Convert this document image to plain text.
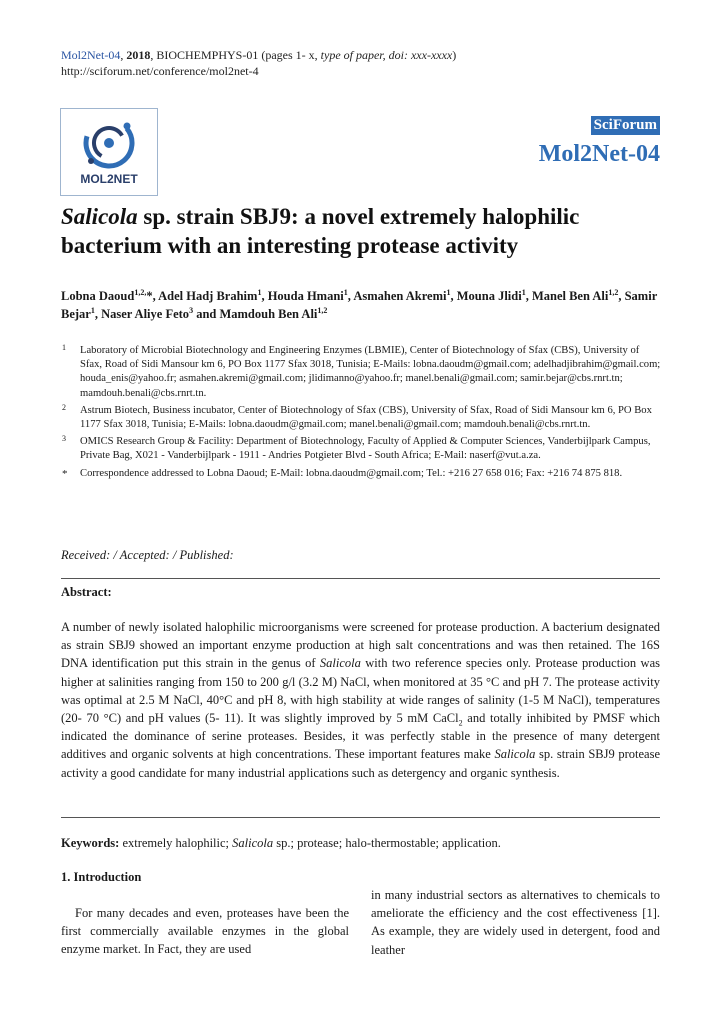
Mol2Net-04, 2018, BIOCHEMPHYS-01 (pages 1- x, type of paper, doi: xxx-xxxx)
http://sciforum.net/conference/mol2net-4
MOL2NET
SciForum
Mol2Net-04
Salicola sp. strain SBJ9: a novel extremely halophilic bacterium with an interesting protease activity
Lobna Daoud$^{1,2,}$*, Adel Hadj Brahim$^1$, Houda Hmani$^1$, Asmahen Akremi$^1$, Mouna Jlidi$^1$, Manel Ben Ali$^{1,2}$, Samir Bejar$^1$, Naser Aliye Feto$^3$ and Mamdouh Ben Ali$^{1,2}$
1 Laboratory of Microbial Biotechnology and Engineering Enzymes (LBMIE), Center of Biotechnology of Sfax (CBS), University of Sfax, Road of Sidi Mansour km 6, PO Box 1177 Sfax 3018, Tunisia; E-Mails: lobna.daoudm@gmail.com; adelhadjibrahim@gmail.com; houda_enis@yahoo.fr; asmahen.akremi@gmail.com; jlidimanno@yahoo.fr; manel.benali@gmail.com; samir.bejar@cbs.rnrt.tn; mamdouh.benali@cbs.rnrt.tn.
2 Astrum Biotech, Business incubator, Center of Biotechnology of Sfax (CBS), University of Sfax, Road of Sidi Mansour km 6, PO Box 1177 Sfax 3018, Tunisia; E-Mails: lobna.daoudm@gmail.com; manel.benali@gmail.com; mamdouh.benali@cbs.rnrt.tn.
3 OMICS Research Group & Facility: Department of Biotechnology, Faculty of Applied & Computer Sciences, Vanderbijlpark Campus, Private Bag, X021 - Vanderbijlpark - 1911 - Andries Potgieter Blvd - South Africa; E-Mail: naserf@vut.a.za.
* Correspondence addressed to Lobna Daoud; E-Mail: lobna.daoudm@gmail.com; Tel.: +216 27 658 016; Fax: +216 74 875 818.
Received: / Accepted: / Published:
Abstract:
A number of newly isolated halophilic microorganisms were screened for protease production. A bacterium designated as strain SBJ9 showed an important enzyme production at high salt concentrations and was then retained. The 16S DNA identification put this strain in the genus of Salicola with two reference species only. Protease production was higher at salinities ranging from 150 to 200 g/l (3.2 M) NaCl, when monitored at 35 °C and pH 7. The protease activity was optimal at 2.5 M NaCl, 40°C and pH 8, with high stability at wide ranges of salinity (1-5 M NaCl), temperatures (20- 70 °C) and pH values (5- 11). It was slightly improved by 5 mM CaCl$_2$ and totally inhibited by PMSF which indicated the dominance of serine proteases. Besides, it was perfectly stable in the presence of many detergent additives and organic solvents at high concentrations. These important features make Salicola sp. strain SBJ9 protease activity a good candidate for many industrial applications such as detergency and organic synthesis.
Keywords: extremely halophilic; Salicola sp.; protease; halo-thermostable; application.
1. Introduction
For many decades and even, proteases have been the first commercially available enzymes in the global enzyme market. In Fact, they are used
in many industrial sectors as alternatives to chemicals to ameliorate the efficiency and the cost effectiveness [1]. As example, they are widely used in detergent, food and leather
